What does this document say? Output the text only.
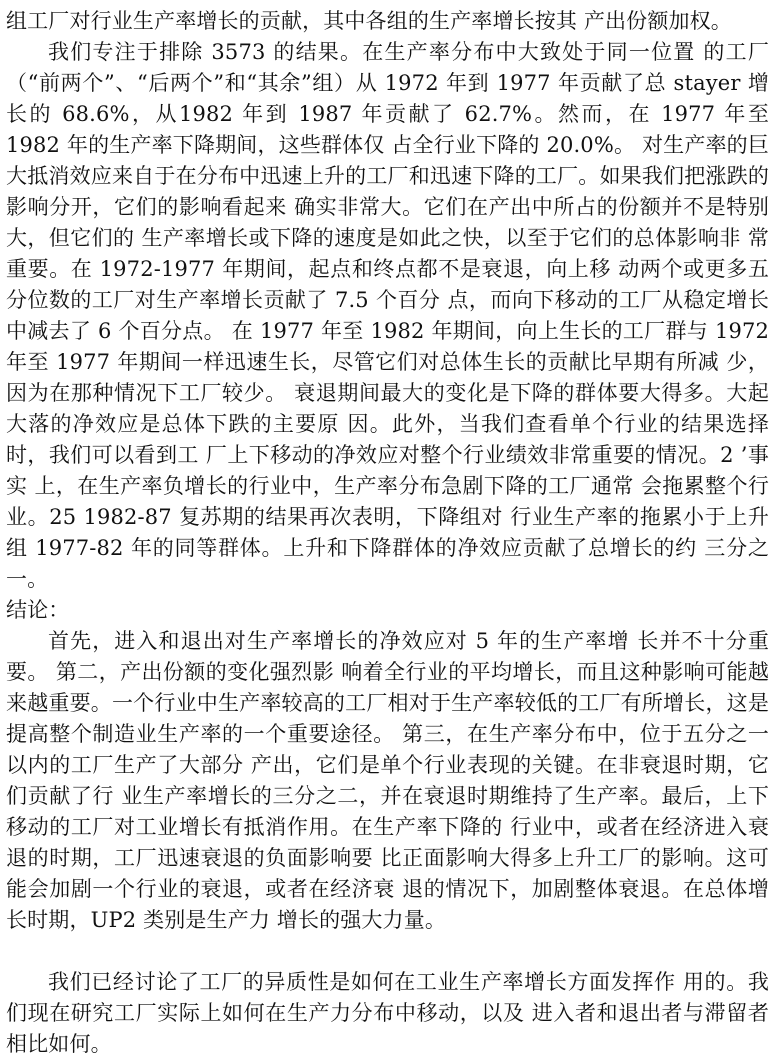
组工厂对行业生产率增长的贡献，其中各组的生产率增长按其 产出份额加权。

我们专注于排除 3573 的结果。在生产率分布中大致处于同一位置 的工厂（“前两个”、“后两个”和“其余”组）从 1972 年到 1977 年贡献了总 stayer 增长的 68.6%，从1982 年到 1987 年贡献了 62.7%。然而，在 1977 年至 1982 年的生产率下降期间，这些群体仅 占全行业下降的 20.0%。 对生产率的巨大抵消效应来自于在分布中迅速上升的工厂和迅速下降的工厂。如果我们把涨跌的影响分开，它们的影响看起来 确实非常大。它们在产出中所占的份额并不是特别大，但它们的 生产率增长或下降的速度是如此之快，以至于它们的总体影响非 常重要。在 1972-1977 年期间，起点和终点都不是衰退，向上移 动两个或更多五分位数的工厂对生产率增长贡献了 7.5 个百分 点，而向下移动的工厂从稳定增长中减去了 6 个百分点。 在 1977 年至 1982 年期间，向上生长的工厂群与 1972 年至 1977 年期间一样迅速生长，尽管它们对总体生长的贡献比早期有所减 少，因为在那种情况下工厂较少。 衰退期间最大的变化是下降的群体要大得多。大起大落的净效应是总体下跌的主要原 因。此外，当我们查看单个行业的结果选择时，我们可以看到工 厂上下移动的净效应对整个行业绩效非常重要的情况。2 ’事实 上，在生产率负增长的行业中，生产率分布急剧下降的工厂通常 会拖累整个行业。25 1982-87 复苏期的结果再次表明，下降组对 行业生产率的拖累小于上升组 1977-82 年的同等群体。上升和下降群体的净效应贡献了总增长的约 三分之一。

结论：

首先，进入和退出对生产率增长的净效应对 5 年的生产率增 长并不十分重要。 第二，产出份额的变化强烈影 响着全行业的平均增长，而且这种影响可能越来越重要。一个行业中生产率较高的工厂相对于生产率较低的工厂有所增长，这是提高整个制造业生产率的一个重要途径。 第三，在生产率分布中，位于五分之一以内的工厂生产了大部分 产出，它们是单个行业表现的关键。在非衰退时期，它们贡献了行 业生产率增长的三分之二，并在衰退时期维持了生产率。最后，上下移动的工厂对工业增长有抵消作用。在生产率下降的 行业中，或者在经济进入衰退的时期，工厂迅速衰退的负面影响要 比正面影响大得多上升工厂的影响。这可能会加剧一个行业的衰退，或者在经济衰 退的情况下，加剧整体衰退。在总体增长时期，UP2 类别是生产力 增长的强大力量。

我们已经讨论了工厂的异质性是如何在工业生产率增长方面发挥作 用的。我们现在研究工厂实际上如何在生产力分布中移动，以及 进入者和退出者与滞留者相比如何。
